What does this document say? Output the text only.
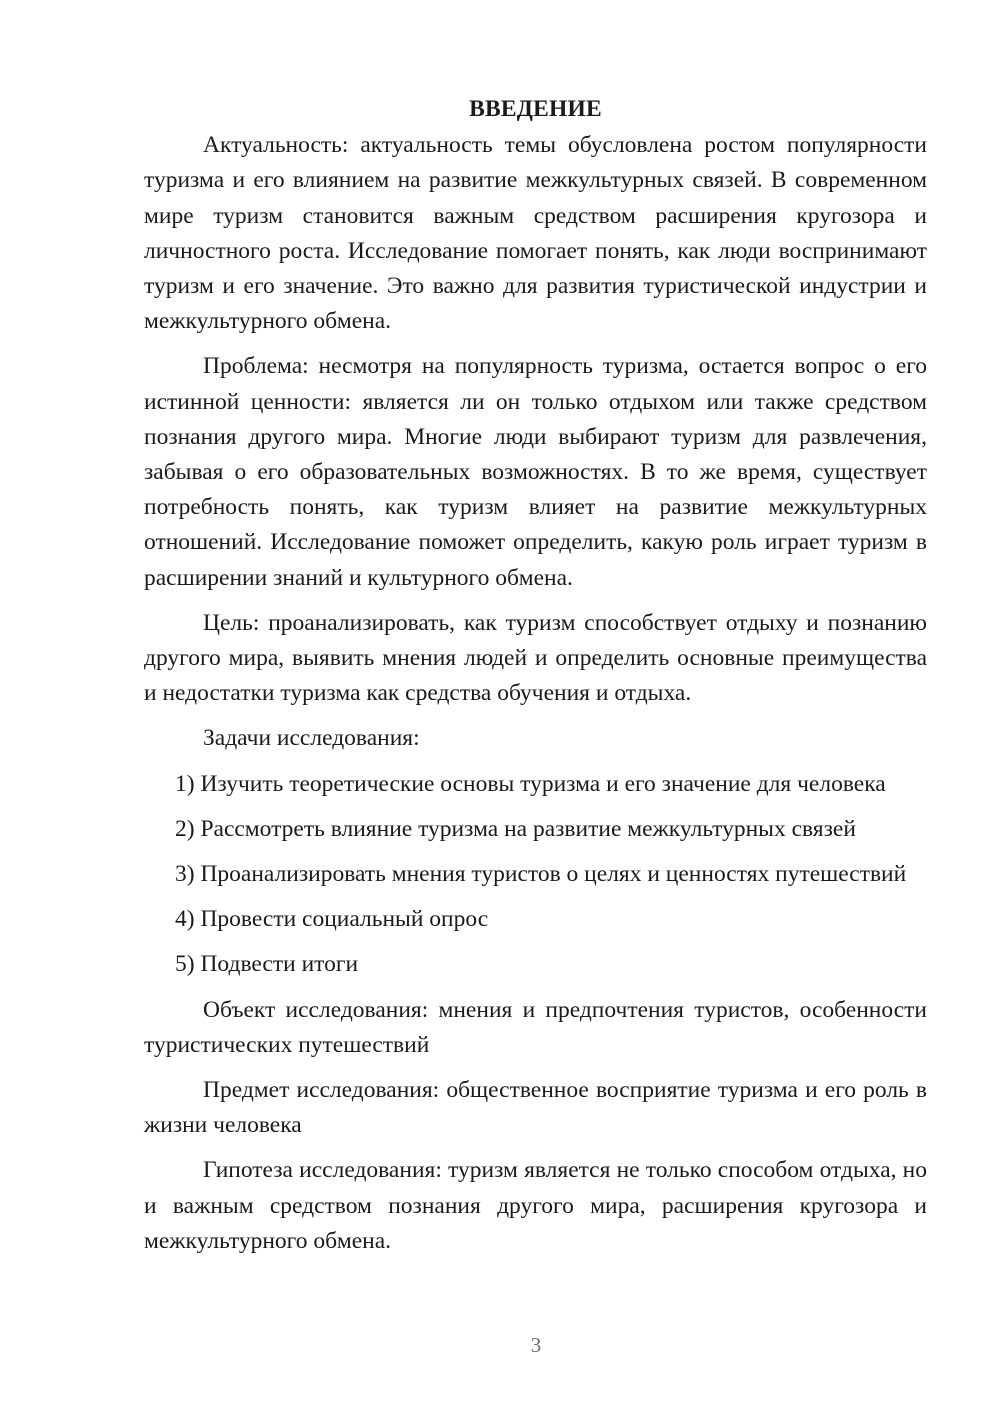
ВВЕДЕНИЕ

Актуальность: актуальность темы обусловлена ростом популярности туризма и его влиянием на развитие межкультурных связей. В современном мире туризм становится важным средством расширения кругозора и личностного роста. Исследование помогает понять, как люди воспринимают туризм и его значение. Это важно для развития туристической индустрии и межкультурного обмена.

Проблема: несмотря на популярность туризма, остается вопрос о его истинной ценности: является ли он только отдыхом или также средством познания другого мира. Многие люди выбирают туризм для развлечения, забывая о его образовательных возможностях. В то же время, существует потребность понять, как туризм влияет на развитие межкультурных отношений. Исследование поможет определить, какую роль играет туризм в расширении знаний и культурного обмена.

Цель: проанализировать, как туризм способствует отдыху и познанию другого мира, выявить мнения людей и определить основные преимущества и недостатки туризма как средства обучения и отдыха.

Задачи исследования:

1) Изучить теоретические основы туризма и его значение для человека

2) Рассмотреть влияние туризма на развитие межкультурных связей

3) Проанализировать мнения туристов о целях и ценностях путешествий

4) Провести социальный опрос

5) Подвести итоги

Объект исследования: мнения и предпочтения туристов, особенности туристических путешествий

Предмет исследования: общественное восприятие туризма и его роль в жизни человека

Гипотеза исследования: туризм является не только способом отдыха, но и важным средством познания другого мира, расширения кругозора и межкультурного обмена.

3
